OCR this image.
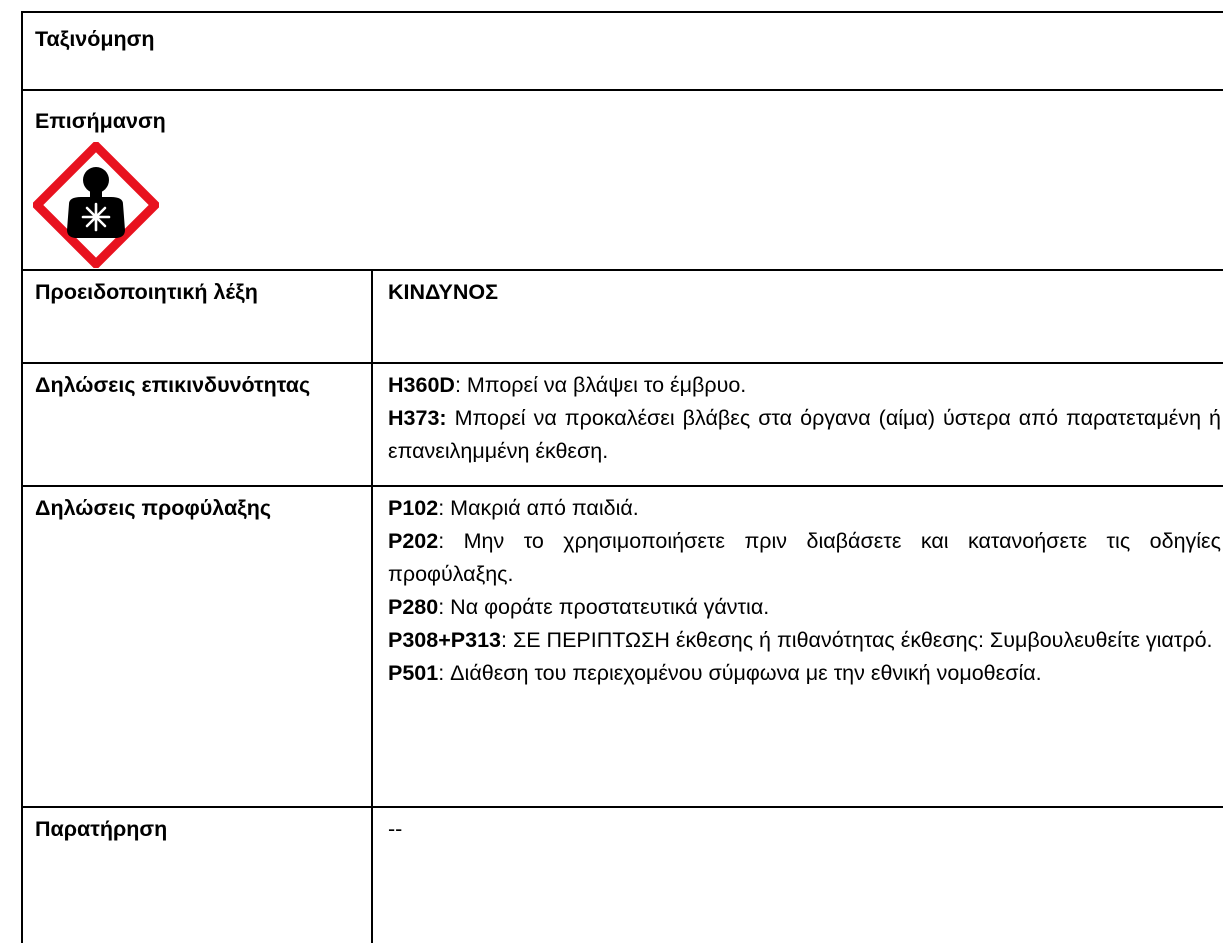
Ταξινόμηση	
Επισήμανση	

Προειδοποιητική λέξη	ΚΙΝΔΥΝΟΣ
Δηλώσεις επικινδυνότητας	H360D: Μπορεί να βλάψει το έμβρυο.
H373: Μπορεί να προκαλέσει βλάβες στα όργανα (αίμα) ύστερα από παρατεταμένη ή επανειλημμένη έκθεση.

Δηλώσεις προφύλαξης	P102: Μακριά από παιδιά.
P202: Μην το χρησιμοποιήσετε πριν διαβάσετε και κατανοήσετε τις οδηγίες προφύλαξης.
P280: Να φοράτε προστατευτικά γάντια.
P308+P313: ΣΕ ΠΕΡΙΠΤΩΣΗ έκθεσης ή πιθανότητας έκθεσης: Συμβουλευθείτε γιατρό.
P501: Διάθεση του περιεχομένου σύμφωνα με την εθνική νομοθεσία.

Παρατήρηση	--
